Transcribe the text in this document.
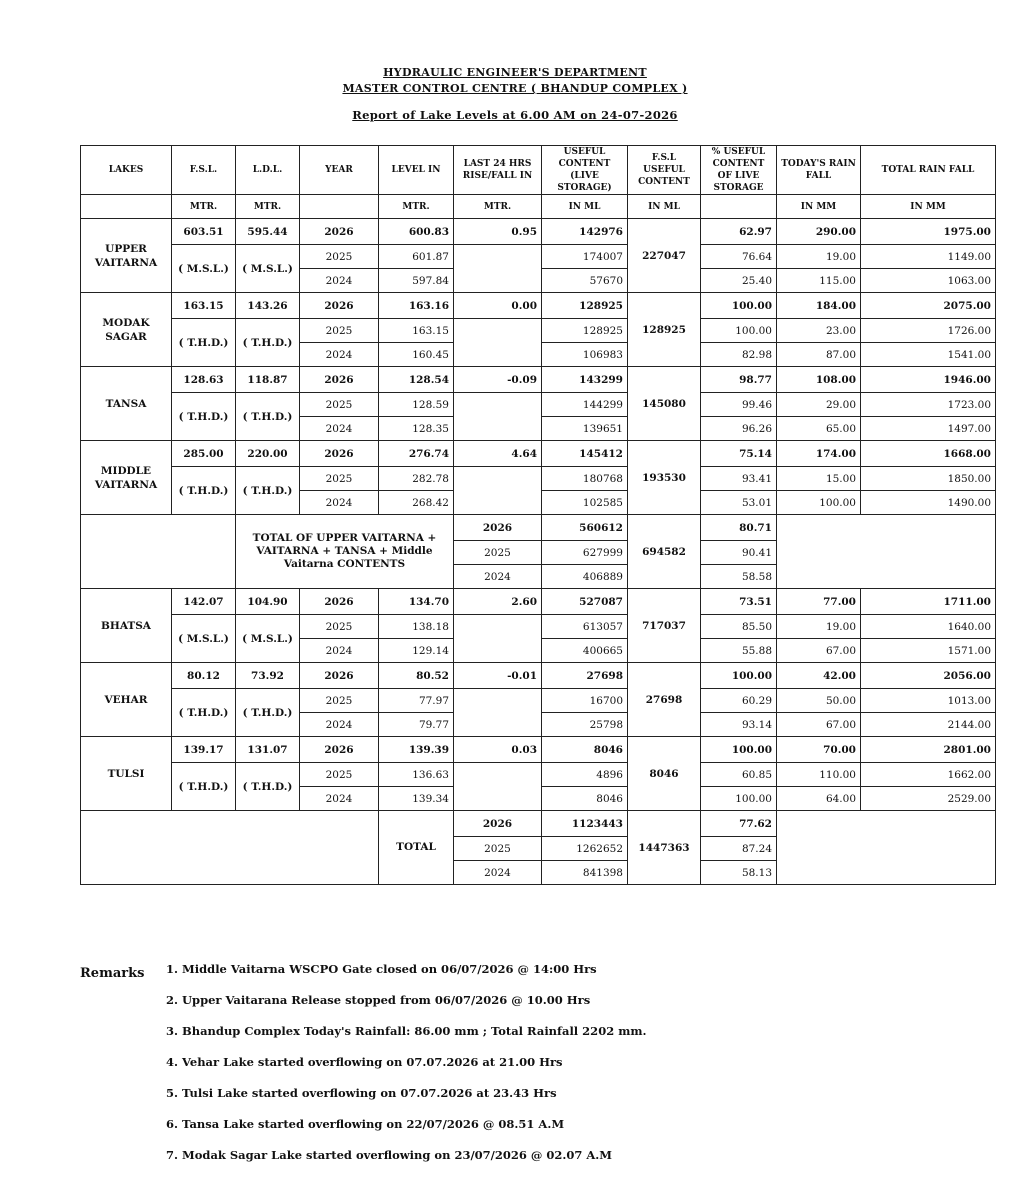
HYDRAULIC ENGINEER'S DEPARTMENT
MASTER CONTROL CENTRE ( BHANDUP COMPLEX )
Report of Lake Levels at 6.00 AM on 24-07-2026
LAKES	F.S.L.	L.D.L.	YEAR	LEVEL IN	LAST 24 HRS RISE/FALL IN	USEFUL CONTENT (LIVE STORAGE)	F.S.L USEFUL CONTENT	% USEFUL CONTENT OF LIVE STORAGE	TODAY'S RAIN FALL	TOTAL RAIN FALL
	MTR.	MTR.		MTR.	MTR.	IN ML	IN ML		IN MM	IN MM
UPPER VAITARNA	603.51	595.44	2026	600.83	0.95	142976	227047	62.97	290.00	1975.00
	( M.S.L.)	( M.S.L.)	2025	601.87		174007		76.64	19.00	1149.00
			2024	597.84		57670		25.40	115.00	1063.00
MODAK SAGAR	163.15	143.26	2026	163.16	0.00	128925	128925	100.00	184.00	2075.00
	( T.H.D.)	( T.H.D.)	2025	163.15		128925		100.00	23.00	1726.00
			2024	160.45		106983		82.98	87.00	1541.00
TANSA	128.63	118.87	2026	128.54	-0.09	143299	145080	98.77	108.00	1946.00
	( T.H.D.)	( T.H.D.)	2025	128.59		144299		99.46	29.00	1723.00
			2024	128.35		139651		96.26	65.00	1497.00
MIDDLE VAITARNA	285.00	220.00	2026	276.74	4.64	145412	193530	75.14	174.00	1668.00
	( T.H.D.)	( T.H.D.)	2025	282.78		180768		93.41	15.00	1850.00
			2024	268.42		102585		53.01	100.00	1490.00
		TOTAL OF UPPER VAITARNA + VAITARNA + TANSA + Middle Vaitarna CONTENTS			2026	560612	694582	80.71		
					2025	627999		90.41		
					2024	406889		58.58		
BHATSA	142.07	104.90	2026	134.70	2.60	527087	717037	73.51	77.00	1711.00
	( M.S.L.)	( M.S.L.)	2025	138.18		613057		85.50	19.00	1640.00
			2024	129.14		400665		55.88	67.00	1571.00
VEHAR	80.12	73.92	2026	80.52	-0.01	27698	27698	100.00	42.00	2056.00
	( T.H.D.)	( T.H.D.)	2025	77.97		16700		60.29	50.00	1013.00
			2024	79.77		25798		93.14	67.00	2144.00
TULSI	139.17	131.07	2026	139.39	0.03	8046	8046	100.00	70.00	2801.00
	( T.H.D.)	( T.H.D.)	2025	136.63		4896		60.85	110.00	1662.00
			2024	139.34		8046		100.00	64.00	2529.00
				TOTAL	2026	1123443	1447363	77.62		
					2025	1262652		87.24		
					2024	841398		58.13		
Remarks 1. Middle Vaitarna WSCPO Gate closed on 06/07/2026 @ 14:00 Hrs
2. Upper Vaitarana Release stopped from 06/07/2026 @ 10.00 Hrs
3. Bhandup Complex Today's Rainfall: 86.00 mm ; Total Rainfall 2202 mm.
4. Vehar Lake started overflowing on 07.07.2026 at 21.00 Hrs
5. Tulsi Lake started overflowing on 07.07.2026 at 23.43 Hrs
6. Tansa Lake started overflowing on 22/07/2026 @ 08.51 A.M
7. Modak Sagar Lake started overflowing on 23/07/2026 @ 02.07 A.M
